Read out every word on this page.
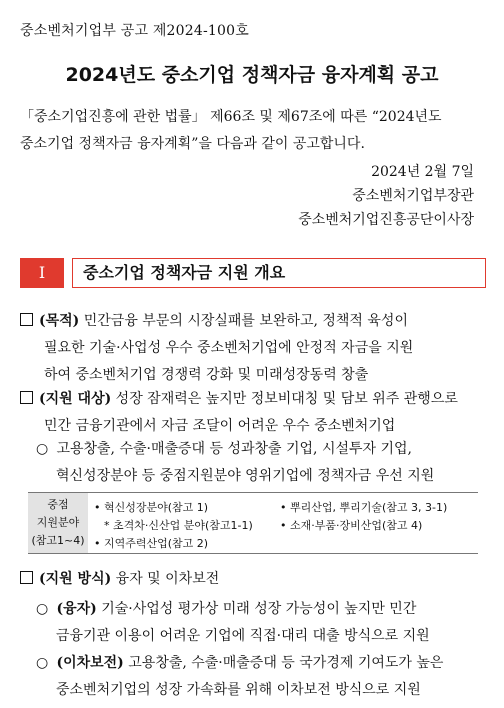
중소벤처기업부 공고 제2024-100호
2024년도 중소기업 정책자금 융자계획 공고

「중소기업진흥에 관한 법률」 제66조 및 제67조에 따른 “2024년도

중소기업 정책자금 융자계획”을 다음과 같이 공고합니다.

2024년 2월 7일
중소벤처기업부장관
중소벤처기업진흥공단이사장
I	중소기업 정책자금 지원 개요
(목적) 민간금융 부문의 시장실패를 보완하고, 정책적 육성이
필요한 기술·사업성 우수 중소벤처기업에 안정적 자금을 지원
하여 중소벤처기업 경쟁력 강화 및 미래성장동력 창출
(지원 대상) 성장 잠재력은 높지만 정보비대칭 및 담보 위주 관행으로
민간 금융기관에서 자금 조달이 어려운 우수 중소벤처기업
○ 고용창출, 수출·매출증대 등 성과창출 기업, 시설투자 기업,
혁신성장분야 등 중점지원분야 영위기업에 정책자금 우선 지원
중점
지원분야
(참고1~4)
• 혁신성장분야(참고 1)	• 뿌리산업, 뿌리기술(참고 3, 3-1)
* 초격차·신산업 분야(참고1-1) • 소재·부품·장비산업(참고 4)
• 지역주력산업(참고 2)
(지원 방식) 융자 및 이차보전
○ (융자) 기술·사업성 평가상 미래 성장 가능성이 높지만 민간
금융기관 이용이 어려운 기업에 직접·대리 대출 방식으로 지원
○ (이차보전) 고용창출, 수출·매출증대 등 국가경제 기여도가 높은
중소벤처기업의 성장 가속화를 위해 이차보전 방식으로 지원
